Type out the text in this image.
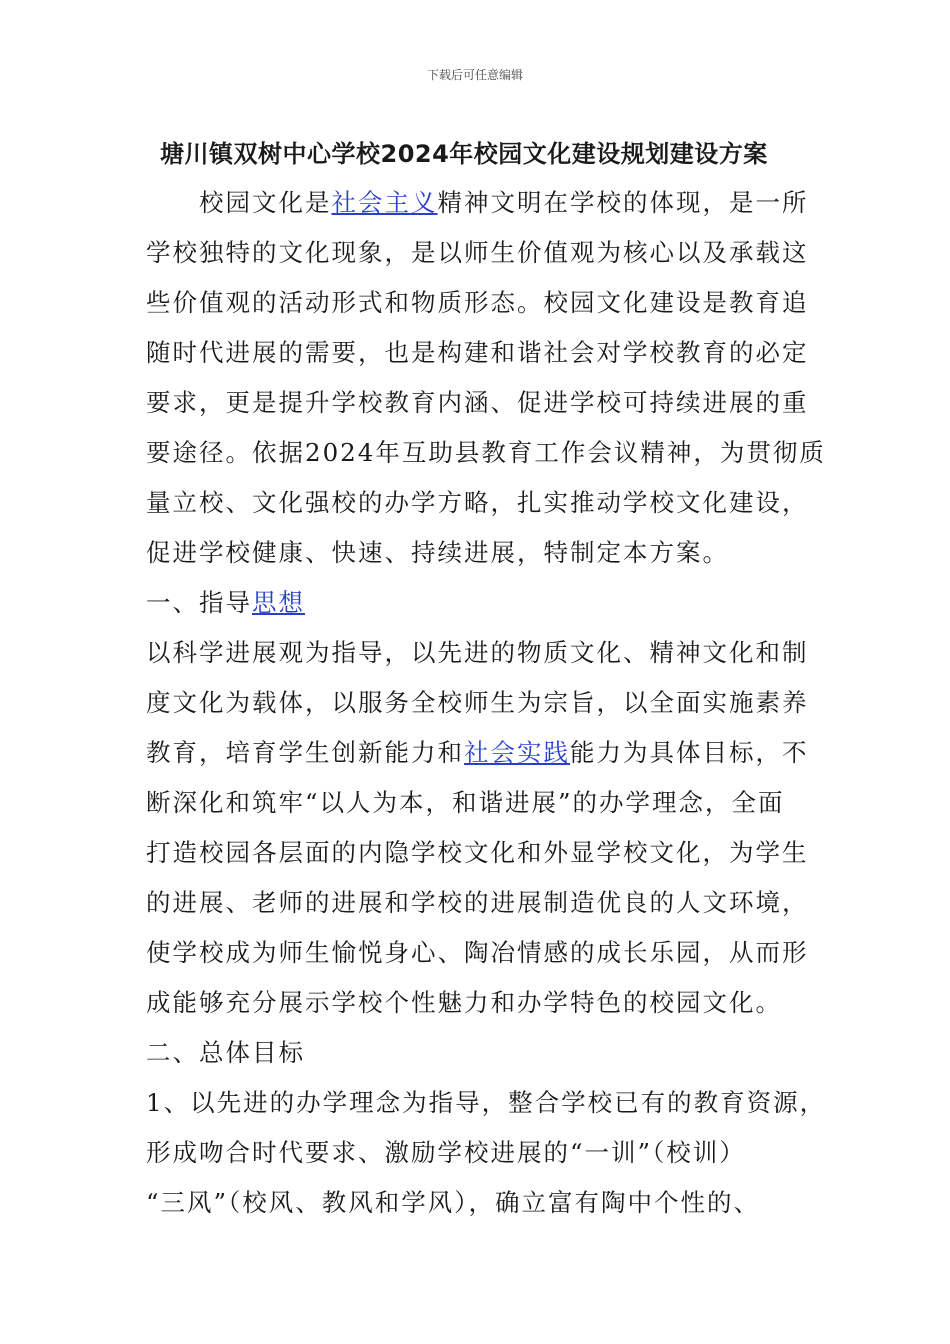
下载后可任意编辑
塘川镇双树中心学校2024年校园文化建设规划建设方案
　　校园文化是社会主义精神文明在学校的体现，是一所
学校独特的文化现象，是以师生价值观为核心以及承载这
些价值观的活动形式和物质形态。校园文化建设是教育追
随时代进展的需要，也是构建和谐社会对学校教育的必定
要求，更是提升学校教育内涵、促进学校可持续进展的重
要途径。依据2024年互助县教育工作会议精神，为贯彻质
量立校、文化强校的办学方略，扎实推动学校文化建设，
促进学校健康、快速、持续进展，特制定本方案。
一、指导思想
以科学进展观为指导，以先进的物质文化、精神文化和制
度文化为载体，以服务全校师生为宗旨，以全面实施素养
教育，培育学生创新能力和社会实践能力为具体目标，不
断深化和筑牢“以人为本，和谐进展”的办学理念，全面
打造校园各层面的内隐学校文化和外显学校文化，为学生
的进展、老师的进展和学校的进展制造优良的人文环境，
使学校成为师生愉悦身心、陶冶情感的成长乐园，从而形
成能够充分展示学校个性魅力和办学特色的校园文化。
二、总体目标
1、以先进的办学理念为指导，整合学校已有的教育资源，
形成吻合时代要求、激励学校进展的“一训”（校训）
“三风”（校风、教风和学风），确立富有陶中个性的、
